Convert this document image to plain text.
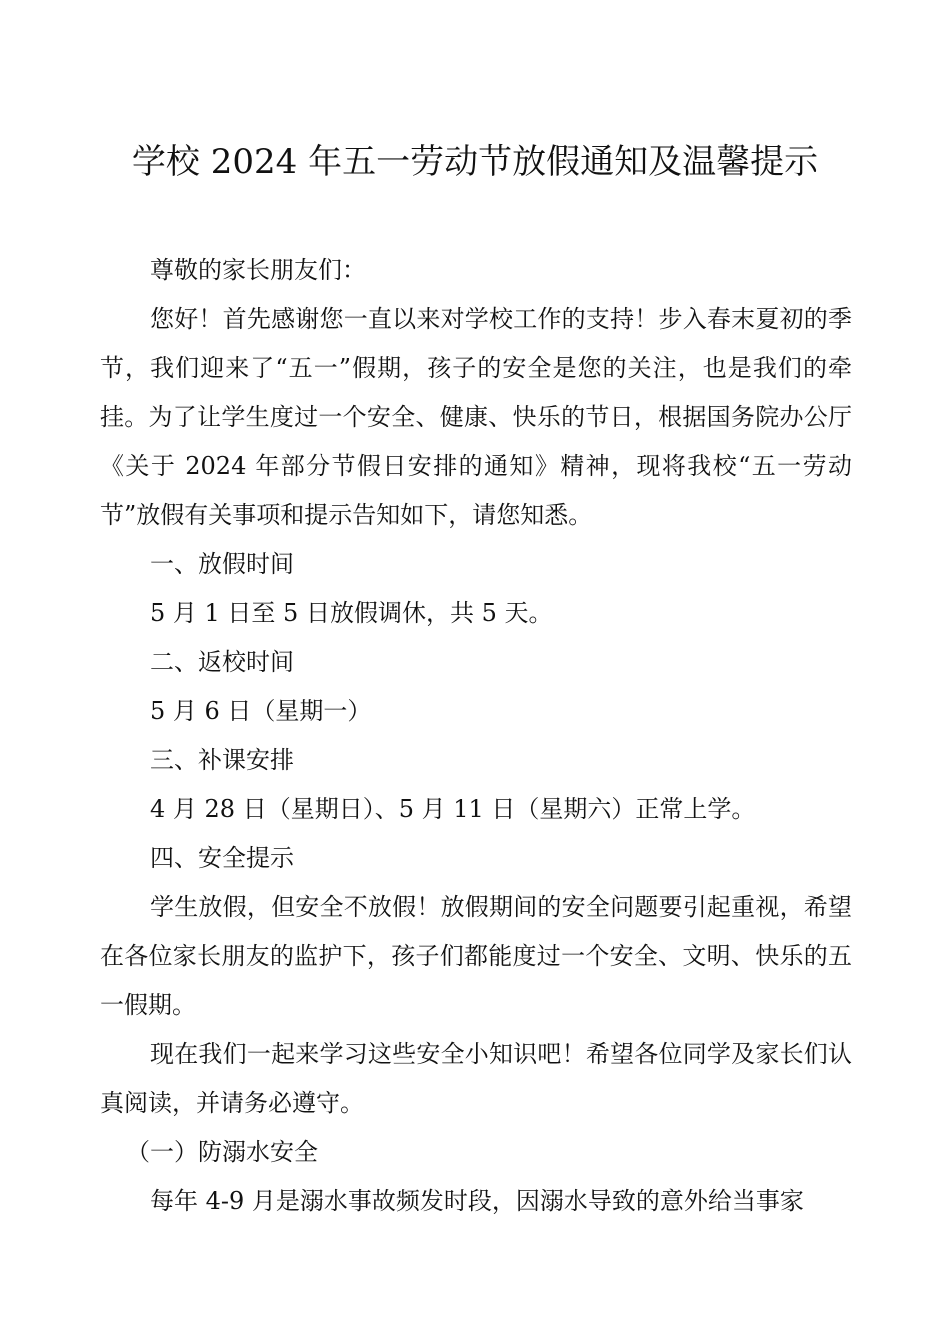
学校 2024 年五一劳动节放假通知及温馨提示

尊敬的家长朋友们：

您好！首先感谢您一直以来对学校工作的支持！步入春末夏初的季节，我们迎来了“五一”假期，孩子的安全是您的关注，也是我们的牵挂。为了让学生度过一个安全、健康、快乐的节日，根据国务院办公厅《关于 2024 年部分节假日安排的通知》精神，现将我校“五一劳动节”放假有关事项和提示告知如下，请您知悉。

一、放假时间

5 月 1 日至 5 日放假调休，共 5 天。

二、返校时间

5 月 6 日（星期一）

三、补课安排

4 月 28 日（星期日）、5 月 11 日（星期六）正常上学。

四、安全提示

学生放假，但安全不放假！放假期间的安全问题要引起重视，希望在各位家长朋友的监护下，孩子们都能度过一个安全、文明、快乐的五一假期。

现在我们一起来学习这些安全小知识吧！希望各位同学及家长们认真阅读，并请务必遵守。

（一）防溺水安全

每年 4-9 月是溺水事故频发时段，因溺水导致的意外给当事家
